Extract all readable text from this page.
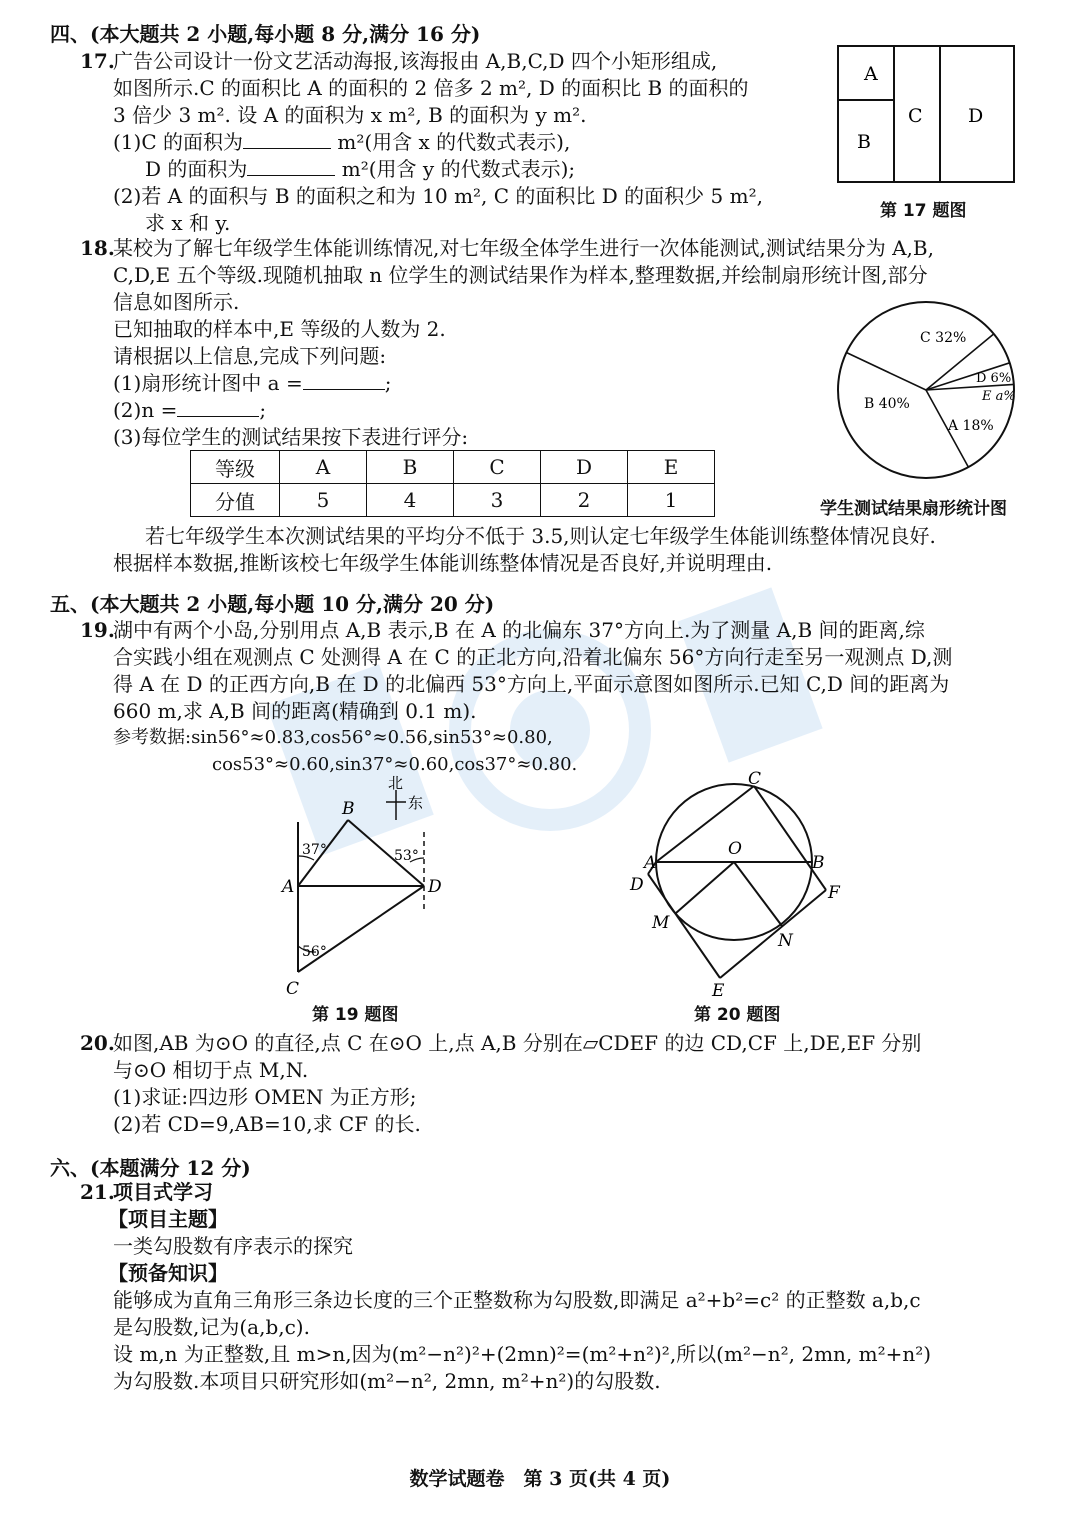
四、(本大题共 2 小题,每小题 8 分,满分 16 分)
17.
广告公司设计一份文艺活动海报,该海报由 A,B,C,D 四个小矩形组成,
如图所示.C 的面积比 A 的面积的 2 倍多 2 m², D 的面积比 B 的面积的
3 倍少 3 m². 设 A 的面积为 x m², B 的面积为 y m².
(1)C 的面积为	m²(用含 x 的代数式表示),
D 的面积为	m²(用含 y 的代数式表示);
(2)若 A 的面积与 B 的面积之和为 10 m², C 的面积比 D 的面积少 5 m²,
求 x 和 y.
A
B
C D
第 17 题图
18.
某校为了解七年级学生体能训练情况,对七年级全体学生进行一次体能测试,测试结果分为 A,B,
C,D,E 五个等级.现随机抽取 n 位学生的测试结果作为样本,整理数据,并绘制扇形统计图,部分
信息如图所示.
已知抽取的样本中,E 等级的人数为 2.
请根据以上信息,完成下列问题:
(1)扇形统计图中 a =	;
(2)n =	;
(3)每位学生的测试结果按下表进行评分:
等级	A	B	C	D	E
分值	5	4	3	2	1
C 32%
D 6%
E a%
A 18%
B 40%
学生测试结果扇形统计图
若七年级学生本次测试结果的平均分不低于 3.5,则认定七年级学生体能训练整体情况良好.
根据样本数据,推断该校七年级学生体能训练整体情况是否良好,并说明理由.
五、(本大题共 2 小题,每小题 10 分,满分 20 分)
19.
湖中有两个小岛,分别用点 A,B 表示,B 在 A 的北偏东 37°方向上.为了测量 A,B 间的距离,综
合实践小组在观测点 C 处测得 A 在 C 的正北方向,沿着北偏东 56°方向行走至另一观测点 D,测
得 A 在 D 的正西方向,B 在 D 的北偏西 53°方向上,平面示意图如图所示.已知 C,D 间的距离为
660 m,求 A,B 间的距离(精确到 0.1 m).
参考数据:sin56°≈0.83,cos56°≈0.56,sin53°≈0.80,
cos53°≈0.60,sin37°≈0.60,cos37°≈0.80.
北
东
B
A	D
C
37°	53°
56°
第 19 题图
A
O
B
C
D	F
M
N
E
第 20 题图
20.
如图,AB 为⊙O 的直径,点 C 在⊙O 上,点 A,B 分别在▱CDEF 的边 CD,CF 上,DE,EF 分别
与⊙O 相切于点 M,N.
(1)求证:四边形 OMEN 为正方形;
(2)若 CD=9,AB=10,求 CF 的长.
六、(本题满分 12 分)
21.
项目式学习
【项目主题】
一类勾股数有序表示的探究
【预备知识】
能够成为直角三角形三条边长度的三个正整数称为勾股数,即满足 a²+b²=c² 的正整数 a,b,c
是勾股数,记为(a,b,c).
设 m,n 为正整数,且 m>n,因为(m²−n²)²+(2mn)²=(m²+n²)²,所以(m²−n², 2mn, m²+n²)
为勾股数.本项目只研究形如(m²−n², 2mn, m²+n²)的勾股数.
数学试题卷　第 3 页(共 4 页)
